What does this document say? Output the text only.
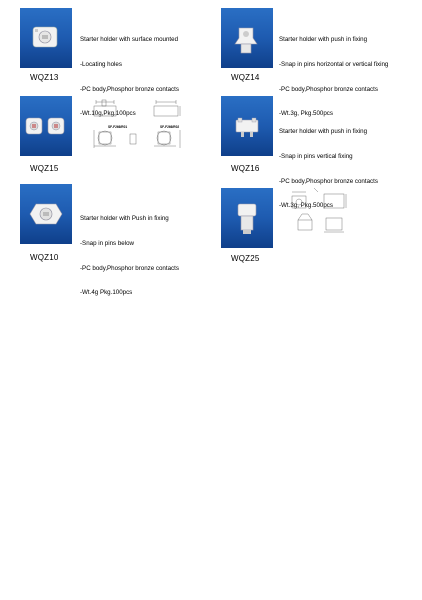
WQZ13

Starter holder with surface mounted

-Locating holes

-PC body,Phosphor bronze contacts

-Wt.10g,Pkg.100pcs

WQZ14

Starter holder with push in fixing

-Snap in pins horizontal or vertical fixing

-PC body,Phosphor bronze contacts

-Wt.3g, Pkg.500pcs

WQZ15
SF-F266/R01	SF-F266/R02
WQZ16

Starter holder with push in fixing

-Snap in pins vertical fixing

-PC body,Phosphor bronze contacts

-Wt.3g, Pkg.500pcs

WQZ10

Starter holder with Push in fixing

-Snap in pins below

-PC body,Phosphor bronze contacts

-Wt.4g Pkg.100pcs

WQZ25
